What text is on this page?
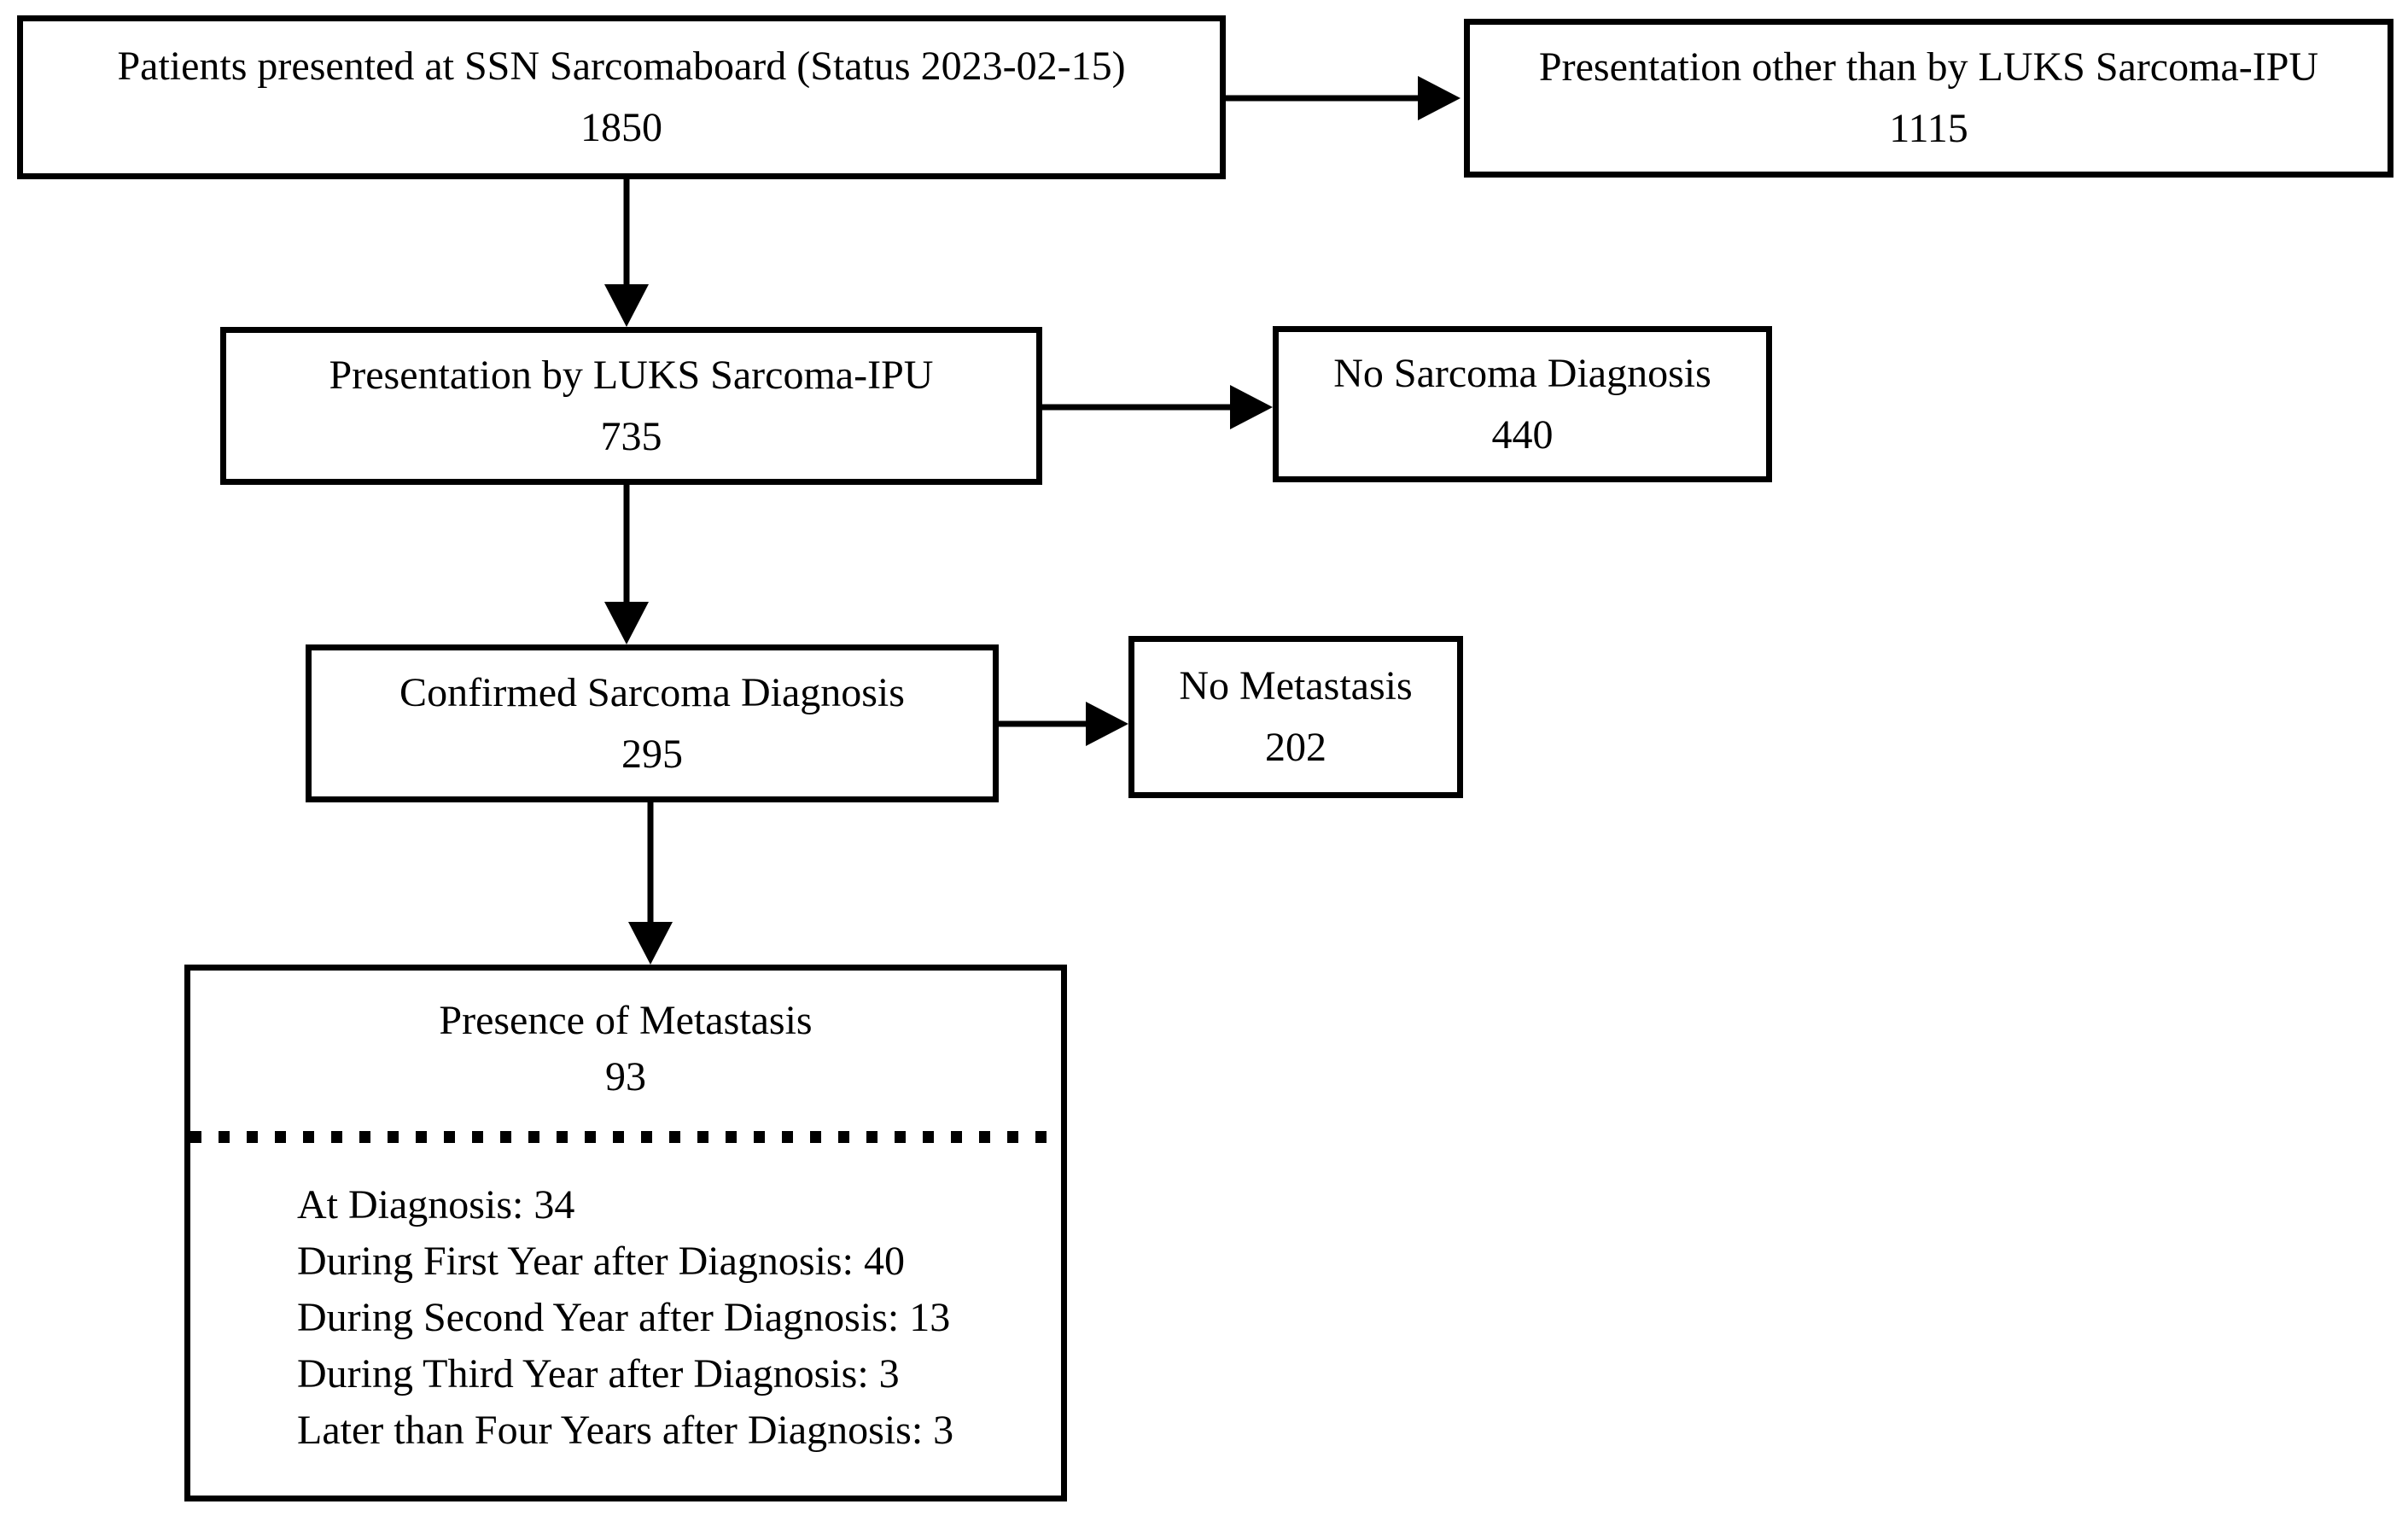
Patients presented at SSN Sarcomaboard (Status 2023-02-15)
1850
Presentation other than by LUKS Sarcoma-IPU
1115
Presentation by LUKS Sarcoma-IPU
735
No Sarcoma Diagnosis
440
Confirmed Sarcoma Diagnosis
295
No Metastasis
202
Presence of Metastasis
93
At Diagnosis: 34
During First Year after Diagnosis: 40
During Second Year after Diagnosis: 13
During Third Year after Diagnosis: 3
Later than Four Years after Diagnosis: 3
